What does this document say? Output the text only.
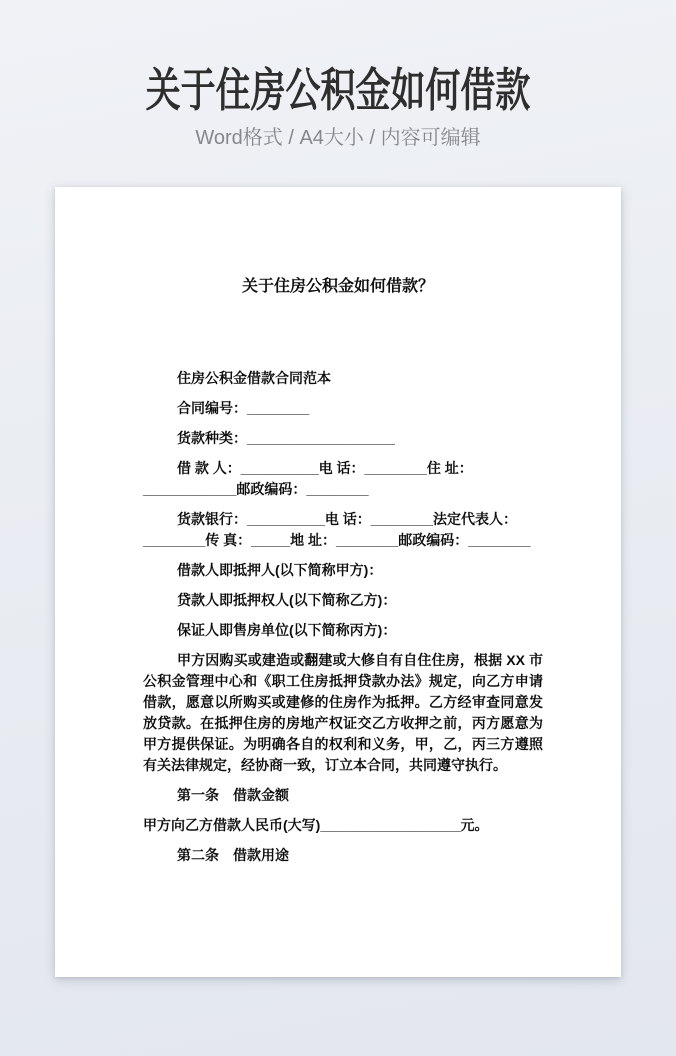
关于住房公积金如何借款

Word格式 / A4大小 / 内容可编辑

关于住房公积金如何借款？
住房公积金借款合同范本
合同编号：________
货款种类：___________________
借 款 人：__________电 话：________住 址：
____________邮政编码：________
货款银行：__________电 话：________法定代表人：
________传 真：_____地 址：________邮政编码：________
借款人即抵押人(以下简称甲方)：
贷款人即抵押权人(以下简称乙方)：
保证人即售房单位(以下简称丙方)：
甲方因购买或建造或翻建或大修自有自住住房，根据 XX 市公积金管理中心和《职工住房抵押贷款办法》规定，向乙方申请借款，愿意以所购买或建修的住房作为抵押。乙方经审查同意发放贷款。在抵押住房的房地产权证交乙方收押之前，丙方愿意为甲方提供保证。为明确各自的权利和义务，甲，乙，丙三方遵照有关法律规定，经协商一致，订立本合同，共同遵守执行。
第一条　借款金额
甲方向乙方借款人民币(大写)__________________元。
第二条　借款用途
